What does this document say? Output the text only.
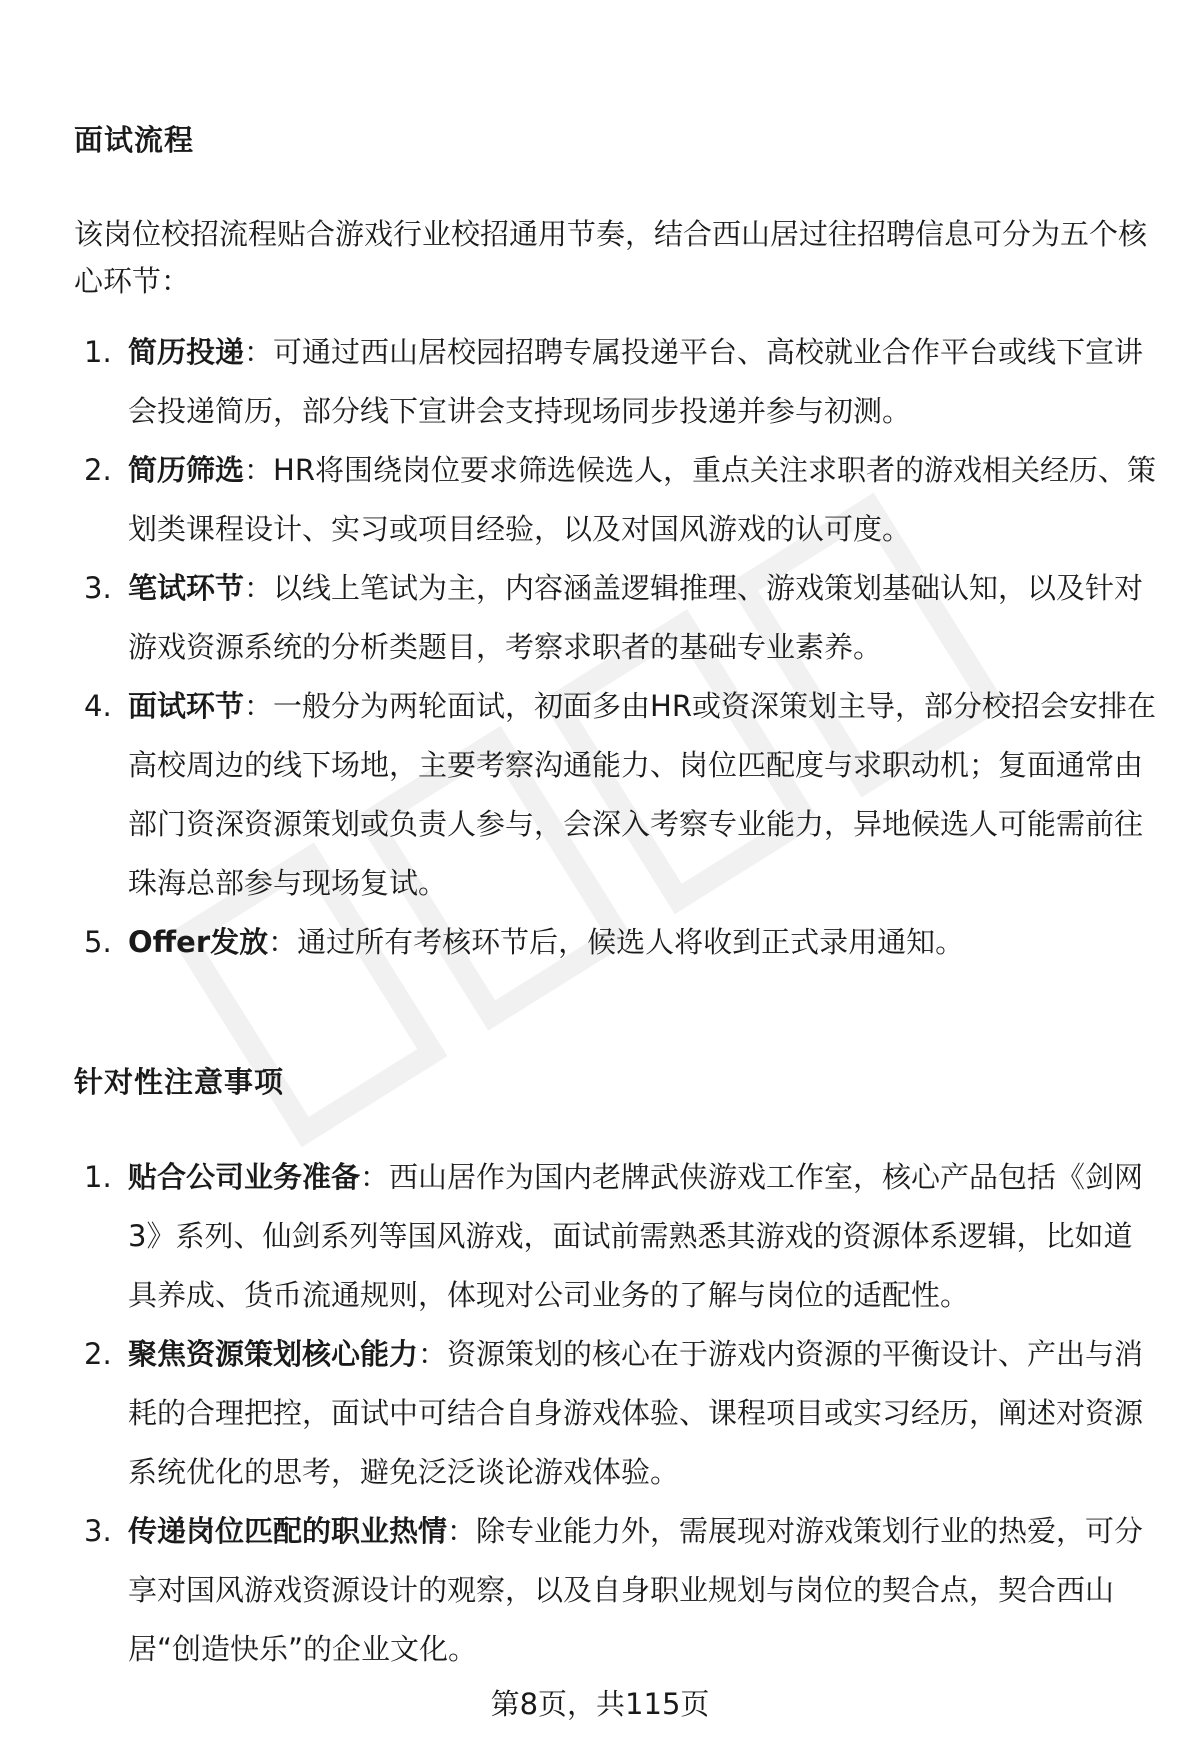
面试流程
该岗位校招流程贴合游戏行业校招通用节奏，结合西山居过往招聘信息可分为五个核心环节：
1. 简历投递：可通过西山居校园招聘专属投递平台、高校就业合作平台或线下宣讲会投递简历，部分线下宣讲会支持现场同步投递并参与初测。
2. 简历筛选：HR将围绕岗位要求筛选候选人，重点关注求职者的游戏相关经历、策划类课程设计、实习或项目经验，以及对国风游戏的认可度。
3. 笔试环节：以线上笔试为主，内容涵盖逻辑推理、游戏策划基础认知，以及针对游戏资源系统的分析类题目，考察求职者的基础专业素养。
4. 面试环节：一般分为两轮面试，初面多由HR或资深策划主导，部分校招会安排在高校周边的线下场地，主要考察沟通能力、岗位匹配度与求职动机；复面通常由部门资深资源策划或负责人参与，会深入考察专业能力，异地候选人可能需前往珠海总部参与现场复试。
5. Offer发放：通过所有考核环节后，候选人将收到正式录用通知。
针对性注意事项
1. 贴合公司业务准备：西山居作为国内老牌武侠游戏工作室，核心产品包括《剑网3》系列、仙剑系列等国风游戏，面试前需熟悉其游戏的资源体系逻辑，比如道具养成、货币流通规则，体现对公司业务的了解与岗位的适配性。
2. 聚焦资源策划核心能力：资源策划的核心在于游戏内资源的平衡设计、产出与消耗的合理把控，面试中可结合自身游戏体验、课程项目或实习经历，阐述对资源系统优化的思考，避免泛泛谈论游戏体验。
3. 传递岗位匹配的职业热情：除专业能力外，需展现对游戏策划行业的热爱，可分享对国风游戏资源设计的观察，以及自身职业规划与岗位的契合点，契合西山居“创造快乐”的企业文化。
第8页，共115页
